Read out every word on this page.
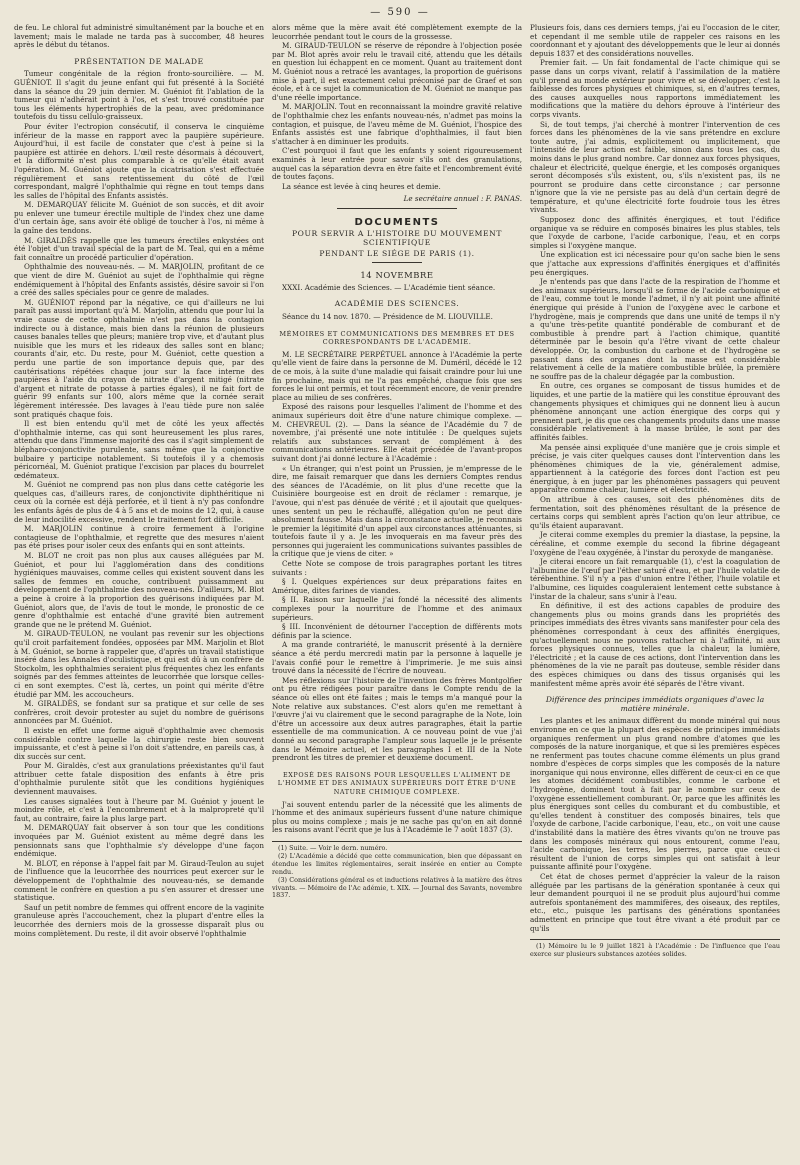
— 590 —

de feu. Le chloral fut administré simultanément par la bouche et en lavement; mais le malade ne tarda pas à succomber, 48 heures après le début du tétanos.

PRÉSENTATION DE MALADE

Tumeur congénitale de la région fronto-sourcilière. — M. GUÉNIOT. Il s'agit du jeune enfant qui fut présenté à la Société dans la séance du 29 juin dernier. M. Guéniot fit l'ablation de la tumeur qui n'adhérait point à l'os, et s'est trouvé constituée par tous les éléments hypertrophiés de la peau, avec prédominance toutefois du tissu cellulo-graisseux.

Pour éviter l'ectropion consécutif, il conserva le cinquième inférieur de la masse en rapport avec la paupière supérieure. Aujourd'hui, il est facile de constater que c'est à peine si la paupière est attirée en dehors. L'œil reste désormais à découvert, et la difformité n'est plus comparable à ce qu'elle était avant l'opération. M. Guéniot ajoute que la cicatrisation s'est effectuée régulièrement et sans retentissement du côté de l'œil correspondant, malgré l'ophthalmie qui règne en tout temps dans les salles de l'hôpital des Enfants assistés.

M. DEMARQUAY félicite M. Guéniot de son succès, et dit avoir pu enlever une tumeur érectile multiple de l'index chez une dame d'un certain âge, sans avoir été obligé de toucher à l'os, ni même à la gaîne des tendons.

M. GIRALDÈS rappelle que les tumeurs érectiles enkystées ont été l'objet d'un travail spécial de la part de M. Teal, qui en a même fait connaître un procédé particulier d'opération.

Ophthalmie des nouveau-nés. — M. MARJOLIN, profitant de ce que vient de dire M. Guéniot au sujet de l'ophthalmie qui règne endémiquement à l'hôpital des Enfants assistés, désire savoir si l'on a créé des salles spéciales pour ce genre de malades.

M. GUÉNIOT répond par la négative, ce qui d'ailleurs ne lui paraît pas aussi important qu'à M. Marjolin, attendu que pour lui la vraie cause de cette ophthalmie n'est pas dans la contagion indirecte ou à distance, mais bien dans la réunion de plusieurs causes banales telles que pleurs; manière trop vive, et d'autant plus nuisible que les murs et les rideaux des salles sont en blanc; courants d'air, etc. Du reste, pour M. Guéniot, cette question a perdu une partie de son importance depuis que, par des cautérisations répétées chaque jour sur la face interne des paupières à l'aide du crayon de nitrate d'argent mitigé (nitrate d'argent et nitrate de potasse à parties égales), il ne fait fort de guérir 99 enfants sur 100, alors même que la cornée serait légèrement intéressée. Des lavages à l'eau tiède pure non salée sont pratiqués chaque fois.

Il est bien entendu qu'il met de côté les yeux affectés d'ophthalmie interne, cas qui sont heureusement les plus rares, attendu que dans l'immense majorité des cas il s'agit simplement de blépharo-conjonctivite purulente, sans même que la conjonctive bulbaire y participe notablement. Si toutefois il y a chemosis péricornéal, M. Guéniot pratique l'excision par places du bourrelet œdémateux.

M. Guéniot ne comprend pas non plus dans cette catégorie les quelques cas, d'ailleurs rares, de conjonctivite diphthéritique ni ceux où la cornée est déjà perforée, et il tient à n'y pas confondre les enfants âgés de plus de 4 à 5 ans et de moins de 12, qui, à cause de leur indocilité excessive, rendent le traitement fort difficile.

M. MARJOLIN continue à croire fermement à l'origine contagieuse de l'ophthalmie, et regrette que des mesures n'aient pas été prises pour isoler ceux des enfants qui en sont atteints.

M. BLOT ne croit pas non plus aux causes alléguées par M. Guéniot, et pour lui l'agglomération dans des conditions hygiéniques mauvaises, comme celles qui existent souvent dans les salles de femmes en couche, contribuent puissamment au développement de l'ophthalmie des nouveau-nés. D'ailleurs, M. Blot a peine à croire à la proportion des guérisons indiquées par M. Guéniot, alors que, de l'avis de tout le monde, le pronostic de ce genre d'ophthalmie est entaché d'une gravité bien autrement grande que ne le prétend M. Guéniot.

M. GIRAUD-TEULON, ne voulant pas revenir sur les objections qu'il croit parfaitement fondées, opposées par MM. Marjolin et Blot à M. Guéniot, se borne à rappeler que, d'après un travail statistique inséré dans les Annales d'oculistique, et qui est dû à un confrère de Stockolm, les ophthalmies seraient plus fréquentes chez les enfants soignés par des femmes atteintes de leucorrhée que lorsque celles-ci en sont exemptes. C'est là, certes, un point qui mérite d'être étudié par MM. les accoucheurs.

M. GIRALDÈS, se fondant sur sa pratique et sur celle de ses confrères, croit devoir protester au sujet du nombre de guérisons annoncées par M. Guéniot.

Il existe en effet une forme aiguë d'ophthalmie avec chemosis considérable contre laquelle la chirurgie reste bien souvent impuissante, et c'est à peine si l'on doit s'attendre, en pareils cas, à dix succès sur cent.

Pour M. Giraldès, c'est aux granulations préexistantes qu'il faut attribuer cette fatale disposition des enfants à être pris d'ophthalmie purulente sitôt que les conditions hygiéniques deviennent mauvaises.

Les causes signalées tout à l'heure par M. Guéniot y jouent le moindre rôle, et c'est à l'encombrement et à la malpropreté qu'il faut, au contraire, faire la plus large part.

M. DEMARQUAY fait observer à son tour que les conditions invoquées par M. Guéniot existent au même degré dans les pensionnats sans que l'ophthalmie s'y développe d'une façon endémique.

M. BLOT, en réponse à l'appel fait par M. Giraud-Teulon au sujet de l'influence que la leucorrhée des nourrices peut exercer sur le développement de l'ophthalmie des nouveau-nés, se demande comment le confrère en question a pu s'en assurer et dresser une statistique.

Sauf un petit nombre de femmes qui offrent encore de la vaginite granuleuse après l'accouchement, chez la plupart d'entre elles la leucorrhée des derniers mois de la grossesse disparaît plus ou moins complètement. Du reste, il dit avoir observé l'ophthalmie

alors même que la mère avait été complètement exempte de la leucorrhée pendant tout le cours de la grossesse.

M. GIRAUD-TEULON se réserve de répondre à l'objection posée par M. Blot après avoir relu le travail cité, attendu que les détails en question lui échappent en ce moment. Quant au traitement dont M. Guéniot nous a retracé les avantages, la proportion de guérisons mise à part, il est exactement celui préconisé par de Graef et son école, et à ce sujet la communication de M. Guéniot ne manque pas d'une réelle importance.

M. MARJOLIN. Tout en reconnaissant la moindre gravité relative de l'ophthalmie chez les enfants nouveau-nés, n'admet pas moins la contagion, et puisque, de l'aveu même de M. Guéniot, l'hospice des Enfants assistés est une fabrique d'ophthalmies, il faut bien s'attacher à en diminuer les produits.

C'est pourquoi il faut que les enfants y soient rigoureusement examinés à leur entrée pour savoir s'ils ont des granulations, auquel cas la séparation devra en être faite et l'encombrement évité de toutes façons.

La séance est levée à cinq heures et demie.

Le secrétaire annuel : F. PANAS.
DOCUMENTS
POUR SERVIR A L'HISTOIRE DU MOUVEMENT SCIENTIFIQUE
PENDANT LE SIÉGE DE PARIS (1).
14 NOVEMBRE

XXXI. Académie des Sciences. — L'Académie tient séance.

ACADÉMIE DES SCIENCES.

Séance du 14 nov. 1870. — Présidence de M. LIOUVILLE.

MÉMOIRES ET COMMUNICATIONS DES MEMBRES ET DES CORRESPONDANTS DE L'ACADÉMIE.

M. LE SECRÉTAIRE PERPÉTUEL annonce à l'Académie la perte qu'elle vient de faire dans la personne de M. Duméril, décédé le 12 de ce mois, à la suite d'une maladie qui faisait craindre pour lui une fin prochaine, mais qui ne l'a pas empêché, chaque fois que ses forces le lui ont permis, et tout récemment encore, de venir prendre place au milieu de ses confrères.

Exposé des raisons pour lesquelles l'aliment de l'homme et des animaux supérieurs doit être d'une nature chimique complexe. — M. CHEVREUL (2). — Dans la séance de l'Académie du 7 de novembre, j'ai présenté une note intitulée : De quelques sujets relatifs aux substances servant de complément à des communications antérieures. Elle était précédée de l'avant-propos suivant dont j'ai donné lecture à l'Académie :

« Un étranger, qui n'est point un Prussien, je m'empresse de le dire, me faisait remarquer que dans les derniers Comptes rendus des séances de l'Académie, on lit plus d'une recette que la Cuisinière bourgeoise est en droit de réclamer : remarque, je l'avoue, qui n'est pas dénuée de vérité ; et il ajoutait que quelques-unes sentent un peu le réchauffé, allégation qu'on ne peut dire absolument fausse. Mais dans la circonstance actuelle, je reconnais le premier la légitimité d'un appel aux circonstances atténuantes, si toutefois faute il y a. Je les invoquerais en ma faveur près des personnes qui jugeraient les communications suivantes passibles de la critique que je viens de citer. »

Cette Note se compose de trois paragraphes portant les titres suivants :

§ I. Quelques expériences sur deux préparations faites en Amérique, dites farines de viandes.

§ II. Raison sur laquelle j'ai fondé la nécessité des aliments complexes pour la nourriture de l'homme et des animaux supérieurs.

§ III. Inconvénient de détourner l'acception de différents mots définis par la science.

A ma grande contrariété, le manuscrit présenté à la dernière séance a été perdu mercredi matin par la personne à laquelle je l'avais confié pour le remettre à l'imprimerie. Je me suis ainsi trouvé dans la nécessité de l'écrire de nouveau.

Mes réflexions sur l'histoire de l'invention des frères Montgolfier ont pu être rédigées pour paraître dans le Compte rendu de la séance où elles ont été faites ; mais le temps m'a manqué pour la Note relative aux substances. C'est alors qu'en me remettant à l'œuvre j'ai vu clairement que le second paragraphe de la Note, loin d'être un accessoire aux deux autres paragraphes, était la partie essentielle de ma communication. A ce nouveau point de vue j'ai donné au second paragraphe l'ampleur sous laquelle je le présente dans le Mémoire actuel, et les paragraphes I et III de la Note prendront les titres de premier et deuxième document.

EXPOSÉ DES RAISONS POUR LESQUELLES L'ALIMENT DE L'HOMME ET DES ANIMAUX SUPÉRIEURS DOIT ÊTRE D'UNE NATURE CHIMIQUE COMPLEXE.

J'ai souvent entendu parler de la nécessité que les aliments de l'homme et des animaux supérieurs fussent d'une nature chimique plus ou moins complexe ; mais je ne sache pas qu'on en ait donné les raisons avant l'écrit que je lus à l'Académie le 7 août 1837 (3).

(1) Suite. — Voir le dern. numéro.

(2) L'Académie a décidé que cette communication, bien que dépassant en étendue les limites réglementaires, serait insérée en entier au Compte rendu.

(3) Considérations général es et inductions relatives à la matière des êtres vivants. — Mémoire de l'Ac adémie, t. XIX. — Journal des Savants, novembre 1837.

Plusieurs fois, dans ces derniers temps, j'ai eu l'occasion de le citer, et cependant il me semble utile de rappeler ces raisons en les coordonnant et y ajoutant des développements que le leur ai donnés depuis 1837 et des considérations nouvelles.

Premier fait. — Un fait fondamental de l'acte chimique qui se passe dans un corps vivant, relatif à l'assimilation de la matière qu'il prend au monde extérieur pour vivre et se développer, c'est la faiblesse des forces physiques et chimiques, si, en d'autres termes, des causes auxquelles nous rapportons immédiatement les modifications que la matière du dehors éprouve à l'intérieur des corps vivants.

Si, de tout temps, j'ai cherché à montrer l'intervention de ces forces dans les phénomènes de la vie sans prétendre en exclure toute autre, j'ai admis, explicitement ou implicitement, que l'intensité de leur action est faible, sinon dans tous les cas, du moins dans le plus grand nombre. Car donnez aux forces physiques, chaleur et électricité, quelque énergie, et les composés organiques seront décomposés s'ils existent, ou, s'ils n'existent pas, ils ne pourront se produire dans cette circonstance ; car personne n'ignore que la vie ne persiste pas au delà d'un certain degré de température, et qu'une électricité forte foudroie tous les êtres vivants.

Supposez donc des affinités énergiques, et tout l'édifice organique va se réduire en composés binaires les plus stables, tels que l'oxyde de carbone, l'acide carbonique, l'eau, et en corps simples si l'oxygène manque.

Une explication est ici nécessaire pour qu'on sache bien le sens que j'attache aux expressions d'affinités énergiques et d'affinités peu énergiques.

Je n'entends pas que dans l'acte de la respiration de l'homme et des animaux supérieurs, lorsqu'il se forme de l'acide carbonique et de l'eau, comme tout le monde l'admet, il n'y ait point une affinité énergique qui préside à l'union de l'oxygène avec le carbone et l'hydrogène, mais je comprends que dans une unité de temps il n'y a qu'une très-petite quantité pondérable de comburant et de combustible à prendre part à l'action chimique, quantité déterminée par le besoin qu'a l'être vivant de cette chaleur développée. Or, la combustion du carbone et de l'hydrogène se passant dans des organes dont la masse est considérable relativement à celle de la matière combustible brûlée, la première ne souffre pas de la chaleur dégagée par la combustion.

En outre, ces organes se composant de tissus humides et de liquides, et une partie de la matière qui les constitue éprouvant des changements physiques et chimiques qui ne donnent lieu à aucun phénomène annonçant une action énergique des corps qui y prennent part, je dis que ces changements produits dans une masse considérable relativement à la masse brûlée, le sont par des affinités faibles.

Ma pensée ainsi expliquée d'une manière que je crois simple et précise, je vais citer quelques causes dont l'intervention dans les phénomènes chimiques de la vie, généralement admise, appartiennent à la catégorie des forces dont l'action est peu énergique, à en juger par les phénomènes passagers qui peuvent apparaître comme chaleur, lumière et électricité.

On attribue à ces causes, soit des phénomènes dits de fermentation, soit des phénomènes résultant de la présence de certains corps qui semblent après l'action qu'on leur attribue, ce qu'ils étaient auparavant.

Je citerai comme exemples du premier la diastase, la pepsine, la céréaline, et comme exemple du second la fibrine dégageant l'oxygène de l'eau oxygénée, à l'instar du peroxyde de manganèse.

Je citerai encore un fait remarquable (1), c'est la coagulation de l'albumine de l'œuf par l'éther saturé d'eau, et par l'huile volatile de térébenthine. S'il n'y a pas d'union entre l'éther, l'huile volatile et l'albumine, ces liquides coaguleraient lentement cette substance à l'instar de la chaleur, sans s'unir à l'eau.

En définitive, il est des actions capables de produire des changements plus ou moins grands dans les propriétés des principes immédiats des êtres vivants sans manifester pour cela des phénomènes correspondant à ceux des affinités énergiques, qu'actuellement nous ne pouvons rattacher ni à l'affinité, ni aux forces physiques connues, telles que la chaleur, la lumière, l'électricité ; et la cause de ces actions, dont l'intervention dans les phénomènes de la vie ne paraît pas douteuse, semble résider dans des espèces chimiques ou dans des tissus organisés qui les manifestent même après avoir été séparés de l'être vivant.

Différence des principes immédiats organiques d'avec la matière minérale.

Les plantes et les animaux diffèrent du monde minéral qui nous environne en ce que la plupart des espèces de principes immédiats organiques renferment un plus grand nombre d'atomes que les composés de la nature inorganique, et que si les premières espèces ne renferment pas toutes chacune comme éléments un plus grand nombre d'espèces de corps simples que les composés de la nature inorganique qui nous environne, elles diffèrent de ceux-ci en ce que les atomes décidément combustibles, comme le carbone et l'hydrogène, dominent tout à fait par le nombre sur ceux de l'oxygène essentiellement comburant. Or, parce que les affinités les plus énergiques sont celles du comburant et du combustible, et qu'elles tendent à constituer des composés binaires, tels que l'oxyde de carbone, l'acide carbonique, l'eau, etc., on voit une cause d'instabilité dans la matière des êtres vivants qu'on ne trouve pas dans les composés minéraux qui nous entourent, comme l'eau, l'acide carbonique, les terres, les pierres, parce que ceux-ci résultent de l'union de corps simples qui ont satisfait à leur puissante affinité pour l'oxygène.

Cet état de choses permet d'apprécier la valeur de la raison alléguée par les partisans de la génération spontanée à ceux qui leur demandent pourquoi il ne se produit plus aujourd'hui comme autrefois spontanément des mammifères, des oiseaux, des reptiles, etc., etc., puisque les partisans des générations spontanées admettent en principe que tout être vivant a été produit par ce qu'ils

(1) Mémoire lu le 9 juillet 1821 à l'Académie : De l'influence que l'eau exerce sur plusieurs substances azotées solides.
